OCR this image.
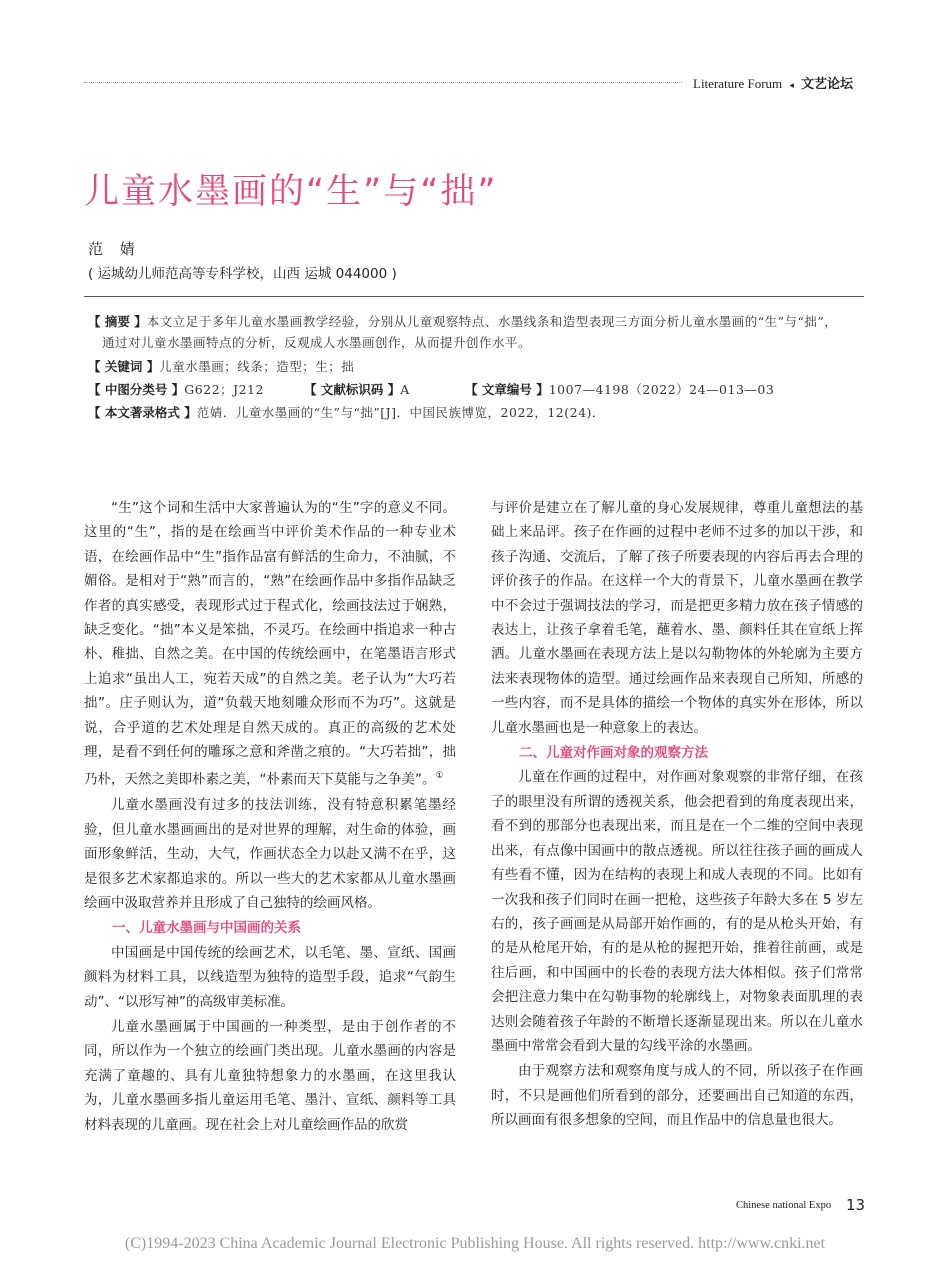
Literature Forum ◂ 文艺论坛
儿童水墨画的“生”与“拙”
范 婧
( 运城幼儿师范高等专科学校，山西 运城 044000 )
【 摘要 】本文立足于多年儿童水墨画教学经验，分别从儿童观察特点、水墨线条和造型表现三方面分析儿童水墨画的“生”与“拙”，
通过对儿童水墨画特点的分析，反观成人水墨画创作，从而提升创作水平。
【 关键词 】儿童水墨画；线条；造型；生；拙
【 中图分类号 】G622；J212	【 文献标识码 】A	【 文章编号 】1007—4198（2022）24—013—03
【 本文著录格式 】范婧．儿童水墨画的“生”与“拙”[J]．中国民族博览，2022，12(24)．

“生”这个词和生活中大家普遍认为的“生”字的意义不同。这里的“生”，指的是在绘画当中评价美术作品的一种专业术语，在绘画作品中“生”指作品富有鲜活的生命力，不油腻，不媚俗。是相对于“熟”而言的，“熟”在绘画作品中多指作品缺乏作者的真实感受，表现形式过于程式化，绘画技法过于娴熟，缺乏变化。“拙”本义是笨拙，不灵巧。在绘画中指追求一种古朴、稚拙、自然之美。在中国的传统绘画中，在笔墨语言形式上追求“虽出人工，宛若天成”的自然之美。老子认为“大巧若拙”。庄子则认为，道“负载天地刻雕众形而不为巧”。这就是说，合乎道的艺术处理是自然天成的。真正的高级的艺术处理，是看不到任何的雕琢之意和斧凿之痕的。“大巧若拙”，拙乃朴，天然之美即朴素之美，“朴素而天下莫能与之争美”。①

儿童水墨画没有过多的技法训练，没有特意积累笔墨经验，但儿童水墨画画出的是对世界的理解，对生命的体验，画面形象鲜活，生动，大气，作画状态全力以赴又满不在乎，这是很多艺术家都追求的。所以一些大的艺术家都从儿童水墨画绘画中汲取营养并且形成了自己独特的绘画风格。

一、儿童水墨画与中国画的关系

中国画是中国传统的绘画艺术，以毛笔、墨、宣纸、国画颜料为材料工具，以线造型为独特的造型手段，追求“气韵生动”、“以形写神”的高级审美标准。

儿童水墨画属于中国画的一种类型，是由于创作者的不同，所以作为一个独立的绘画门类出现。儿童水墨画的内容是充满了童趣的、具有儿童独特想象力的水墨画，在这里我认为，儿童水墨画多指儿童运用毛笔、墨汁、宣纸、颜料等工具材料表现的儿童画。现在社会上对儿童绘画作品的欣赏

与评价是建立在了解儿童的身心发展规律，尊重儿童想法的基础上来品评。孩子在作画的过程中老师不过多的加以干涉，和孩子沟通、交流后，了解了孩子所要表现的内容后再去合理的评价孩子的作品。在这样一个大的背景下，儿童水墨画在教学中不会过于强调技法的学习，而是把更多精力放在孩子情感的表达上，让孩子拿着毛笔，蘸着水、墨、颜料任其在宣纸上挥洒。儿童水墨画在表现方法上是以勾勒物体的外轮廓为主要方法来表现物体的造型。通过绘画作品来表现自己所知，所感的一些内容，而不是具体的描绘一个物体的真实外在形体，所以儿童水墨画也是一种意象上的表达。

二、儿童对作画对象的观察方法

儿童在作画的过程中，对作画对象观察的非常仔细，在孩子的眼里没有所谓的透视关系，他会把看到的角度表现出来，看不到的那部分也表现出来，而且是在一个二维的空间中表现出来，有点像中国画中的散点透视。所以往往孩子画的画成人有些看不懂，因为在结构的表现上和成人表现的不同。比如有一次我和孩子们同时在画一把枪，这些孩子年龄大多在 5 岁左右的，孩子画画是从局部开始作画的，有的是从枪头开始，有的是从枪尾开始，有的是从枪的握把开始，推着往前画，或是往后画，和中国画中的长卷的表现方法大体相似。孩子们常常会把注意力集中在勾勒事物的轮廓线上，对物象表面肌理的表达则会随着孩子年龄的不断增长逐渐显现出来。所以在儿童水墨画中常常会看到大量的勾线平涂的水墨画。

由于观察方法和观察角度与成人的不同，所以孩子在作画时，不只是画他们所看到的部分，还要画出自己知道的东西，所以画面有很多想象的空间，而且作品中的信息量也很大。

Chinese national Expo 13
(C)1994-2023 China Academic Journal Electronic Publishing House. All rights reserved. http://www.cnki.net
